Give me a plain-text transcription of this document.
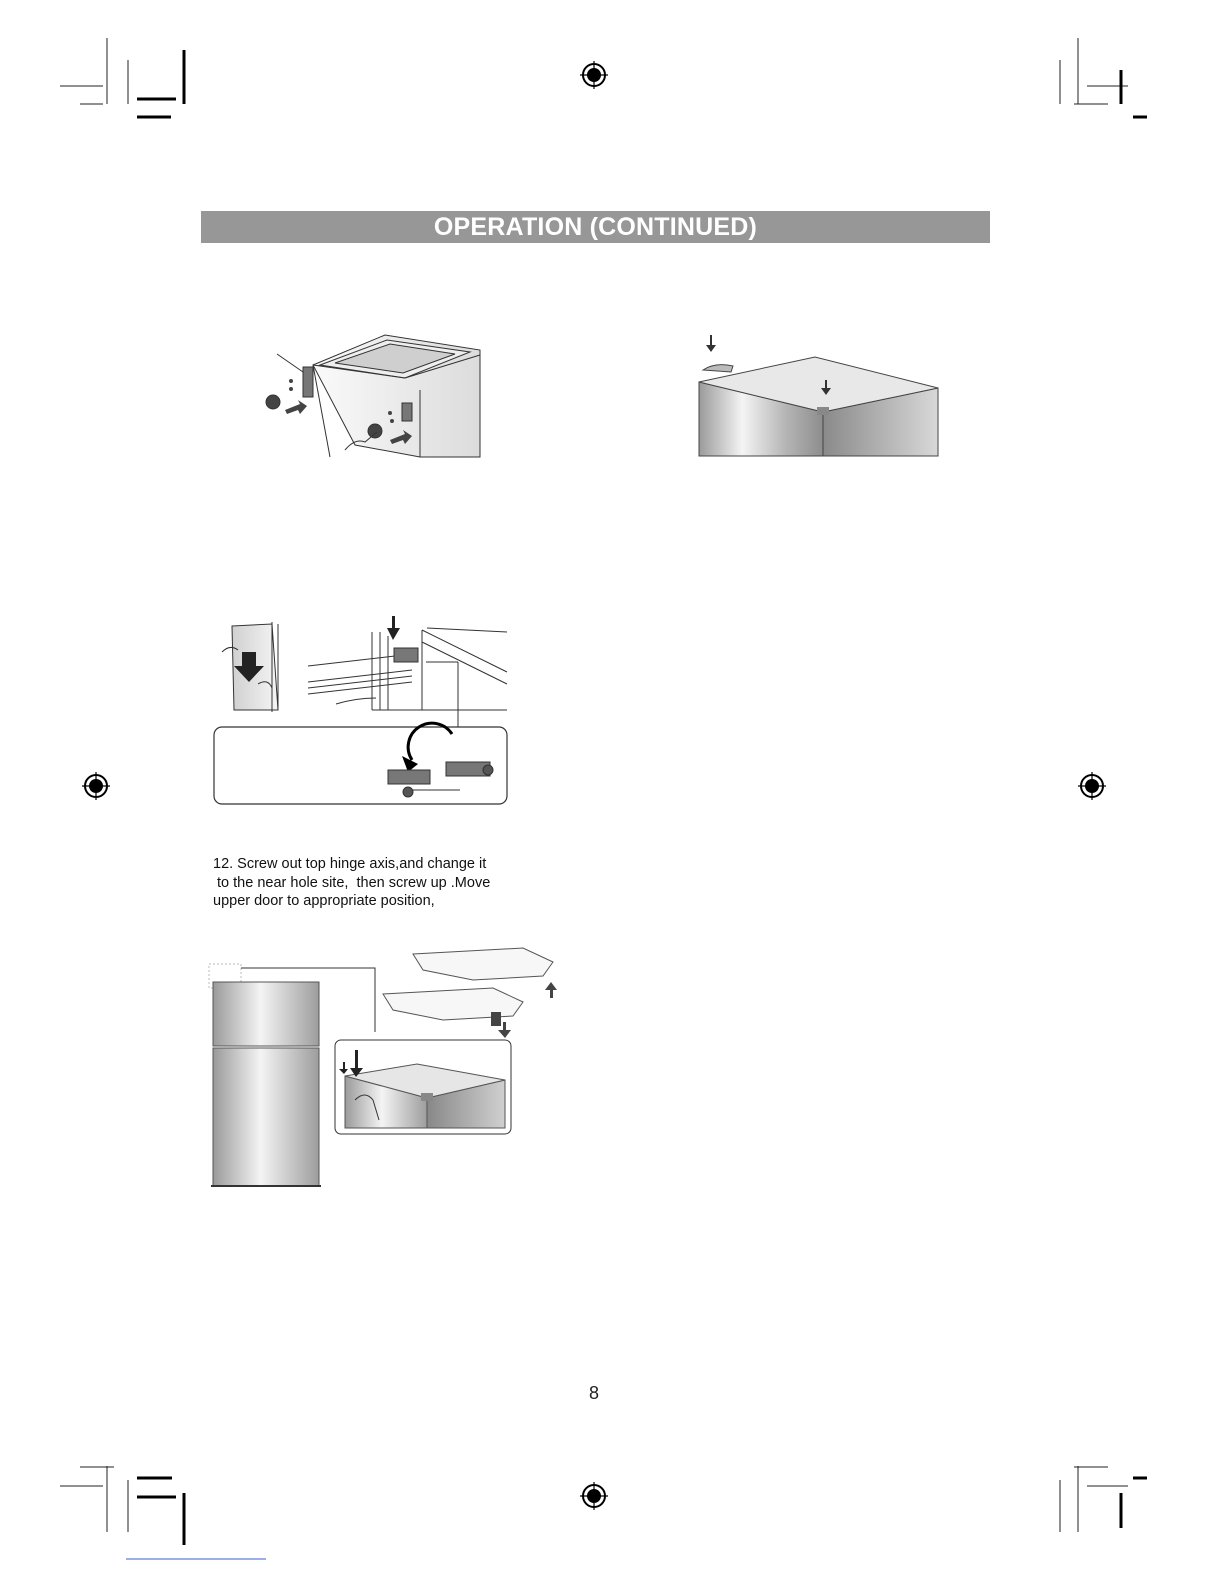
OPERATION (CONTINUED)
12. Screw out top hinge axis,and change it
to the near hole site,  then screw up .Move
upper door to appropriate position,
8
